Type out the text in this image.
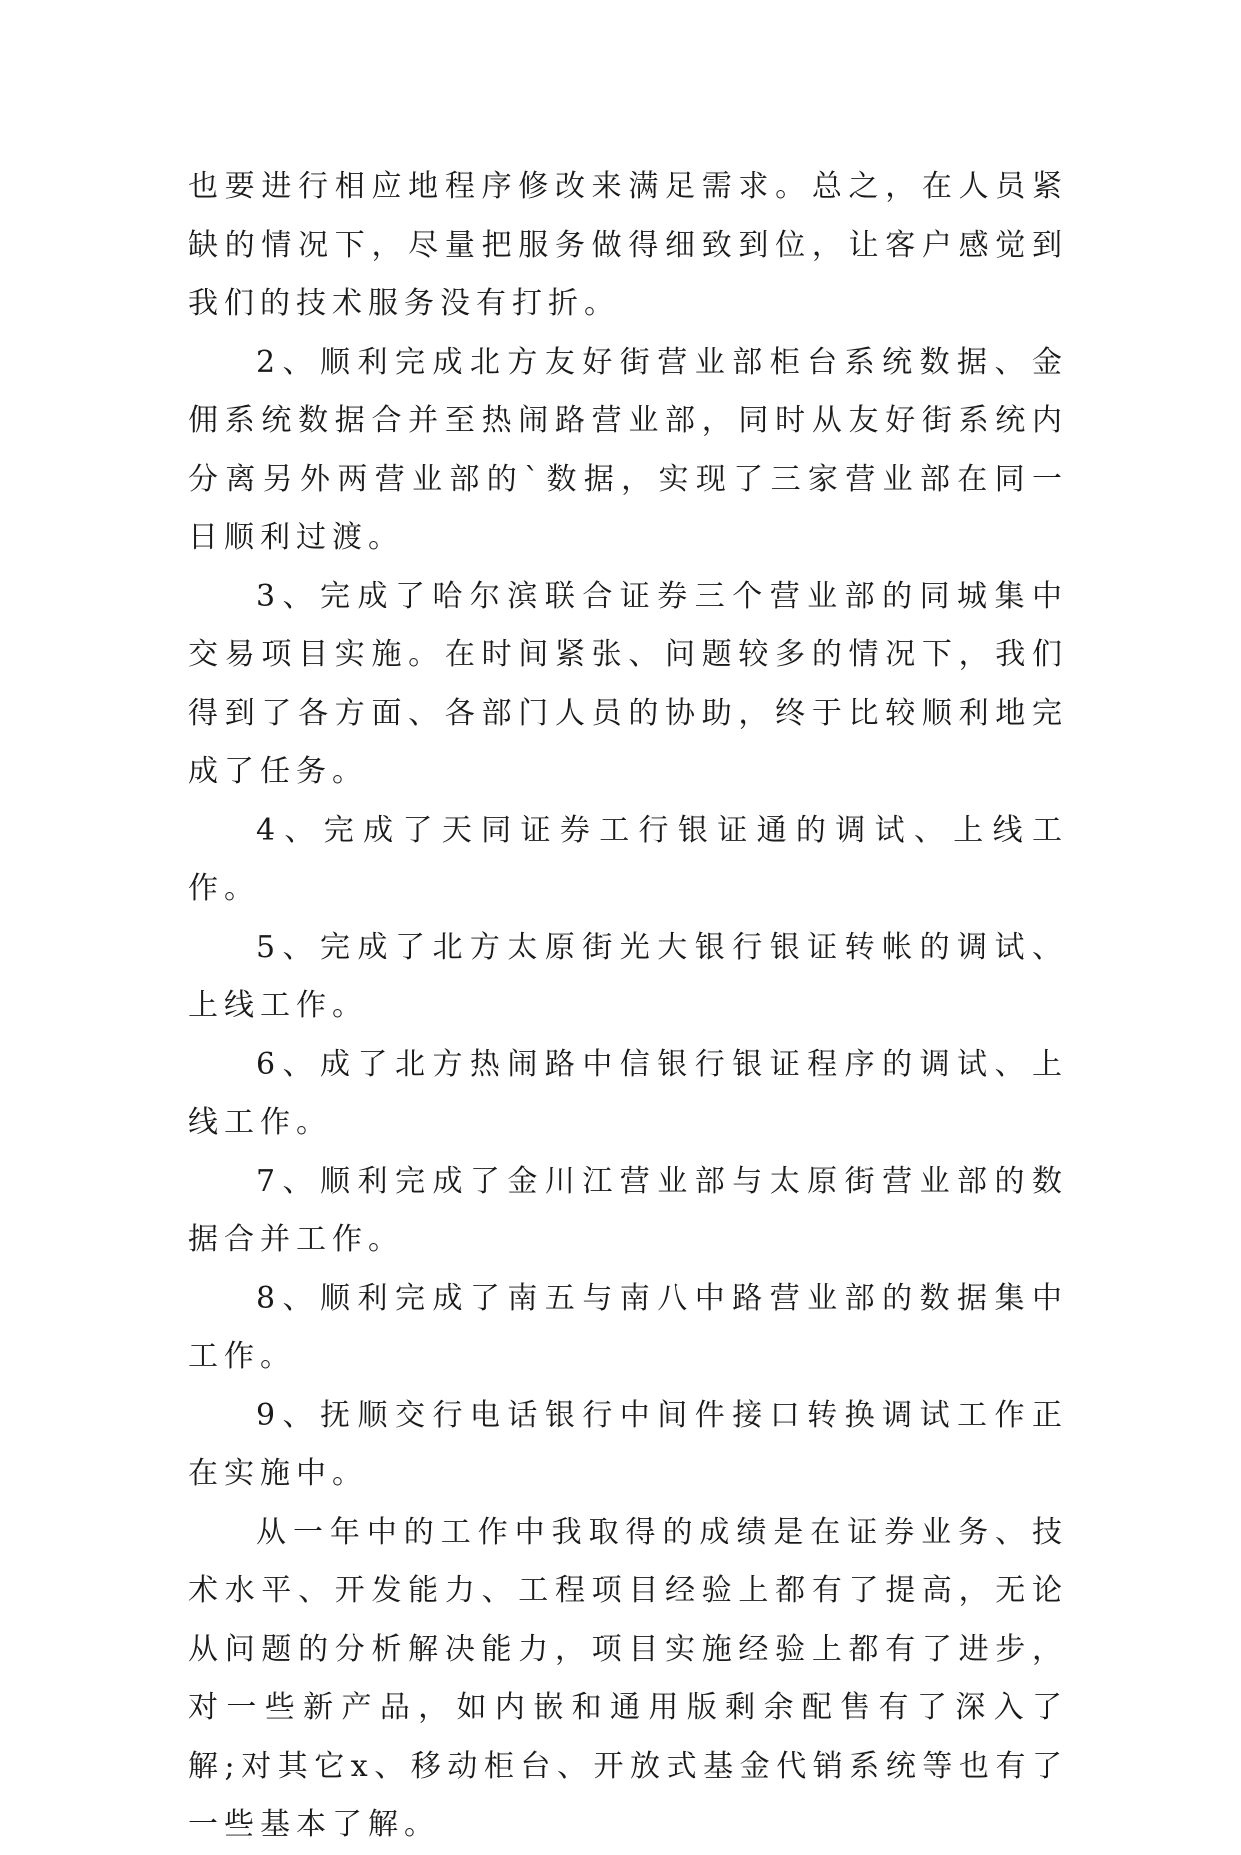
也要进行相应地程序修改来满足需求。总之，在人员紧缺的情况下，尽量把服务做得细致到位，让客户感觉到我们的技术服务没有打折。

2、顺利完成北方友好街营业部柜台系统数据、金佣系统数据合并至热闹路营业部，同时从友好街系统内分离另外两营业部的`数据，实现了三家营业部在同一日顺利过渡。

3、完成了哈尔滨联合证券三个营业部的同城集中交易项目实施。在时间紧张、问题较多的情况下，我们得到了各方面、各部门人员的协助，终于比较顺利地完成了任务。

4、完成了天同证券工行银证通的调试、上线工作。

5、完成了北方太原街光大银行银证转帐的调试、上线工作。

6、成了北方热闹路中信银行银证程序的调试、上线工作。

7、顺利完成了金川江营业部与太原街营业部的数据合并工作。

8、顺利完成了南五与南八中路营业部的数据集中工作。

9、抚顺交行电话银行中间件接口转换调试工作正在实施中。

从一年中的工作中我取得的成绩是在证券业务、技术水平、开发能力、工程项目经验上都有了提高，无论从问题的分析解决能力，项目实施经验上都有了进步，对一些新产品，如内嵌和通用版剩余配售有了深入了解;对其它x、移动柜台、开放式基金代销系统等也有了一些基本了解。
